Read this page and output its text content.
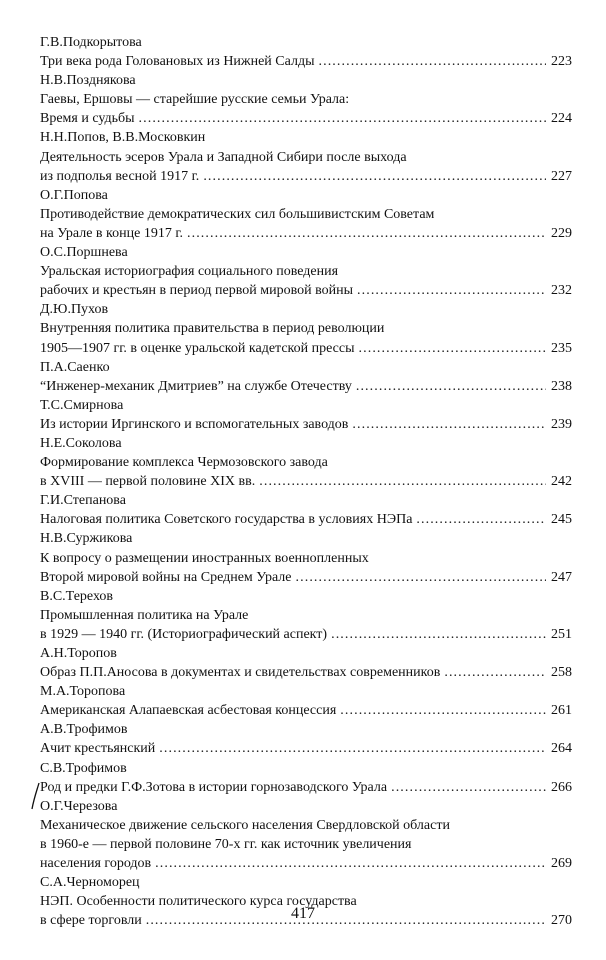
Г.В.Подкорытова
Три века рода Головановых из Нижней Салды . . .	223
Н.В.Позднякова
Гаевы, Ершовы — старейшие русские семьи Урала:
Время и судьбы . . .	224
Н.Н.Попов, В.В.Московкин
Деятельность эсеров Урала и Западной Сибири после выхода
из подполья весной 1917 г. . . .	227
О.Г.Попова
Противодействие демократических сил большивистским Советам
на Урале в конце 1917 г. . . .	229
О.С.Поршнева
Уральская историография социального поведения
рабочих и крестьян в период первой мировой войны . . .	232
Д.Ю.Пухов
Внутренняя политика правительства в период революции
1905—1907 гг. в оценке уральской кадетской прессы . . .	235
П.А.Саенко
“Инженер-механик Дмитриев” на службе Отечеству . . .	238
Т.С.Смирнова
Из истории Иргинского и вспомогательных заводов . . .	239
Н.Е.Соколова
Формирование комплекса Чермозовского завода
в XVIII — первой половине XIX вв. . . .	242
Г.И.Степанова
Налоговая политика Советского государства в условиях НЭПа . . .	245
Н.В.Суржикова
К вопросу о размещении иностранных военнопленных
Второй мировой войны на Среднем Урале . . .	247
В.С.Терехов
Промышленная политика на Урале
в 1929 — 1940 гг. (Историографический аспект) . . .	251
А.Н.Торопов
Образ П.П.Аносова в документах и свидетельствах современников . . .	258
М.А.Торопова
Американская Алапаевская асбестовая концессия . . .	261
А.В.Трофимов
Ачит крестьянский . . .	264
С.В.Трофимов
Род и предки Г.Ф.Зотова в истории горнозаводского Урала . . .	266
О.Г.Черезова
Механическое движение сельского населения Свердловской области
в 1960-е — первой половине 70-х гг. как источник увеличения
населения городов . . .	269
С.А.Черноморец
НЭП. Особенности политического курса государства
в сфере торговли . . .	270
417
